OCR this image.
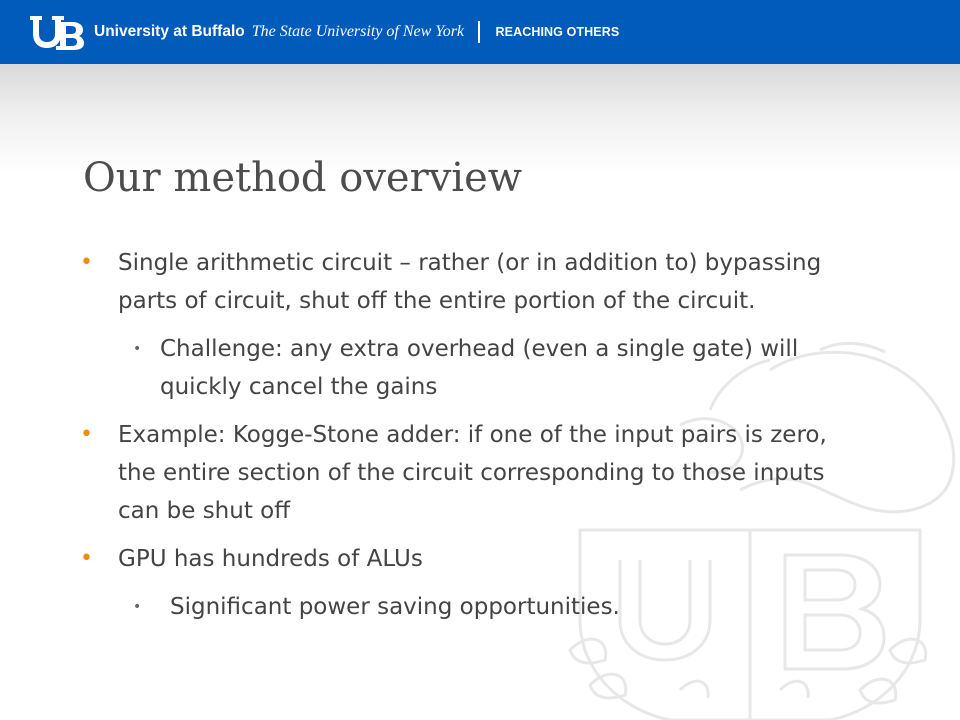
University at Buffalo The State University of New York	REACHING OTHERS
Our method overview
• Single arithmetic circuit – rather (or in addition to) bypassing parts of circuit, shut off the entire portion of the circuit.
• Challenge: any extra overhead (even a single gate) will quickly cancel the gains
• Example: Kogge-Stone adder: if one of the input pairs is zero, the entire section of the circuit corresponding to those inputs can be shut off
• GPU has hundreds of ALUs
• Significant power saving opportunities.
